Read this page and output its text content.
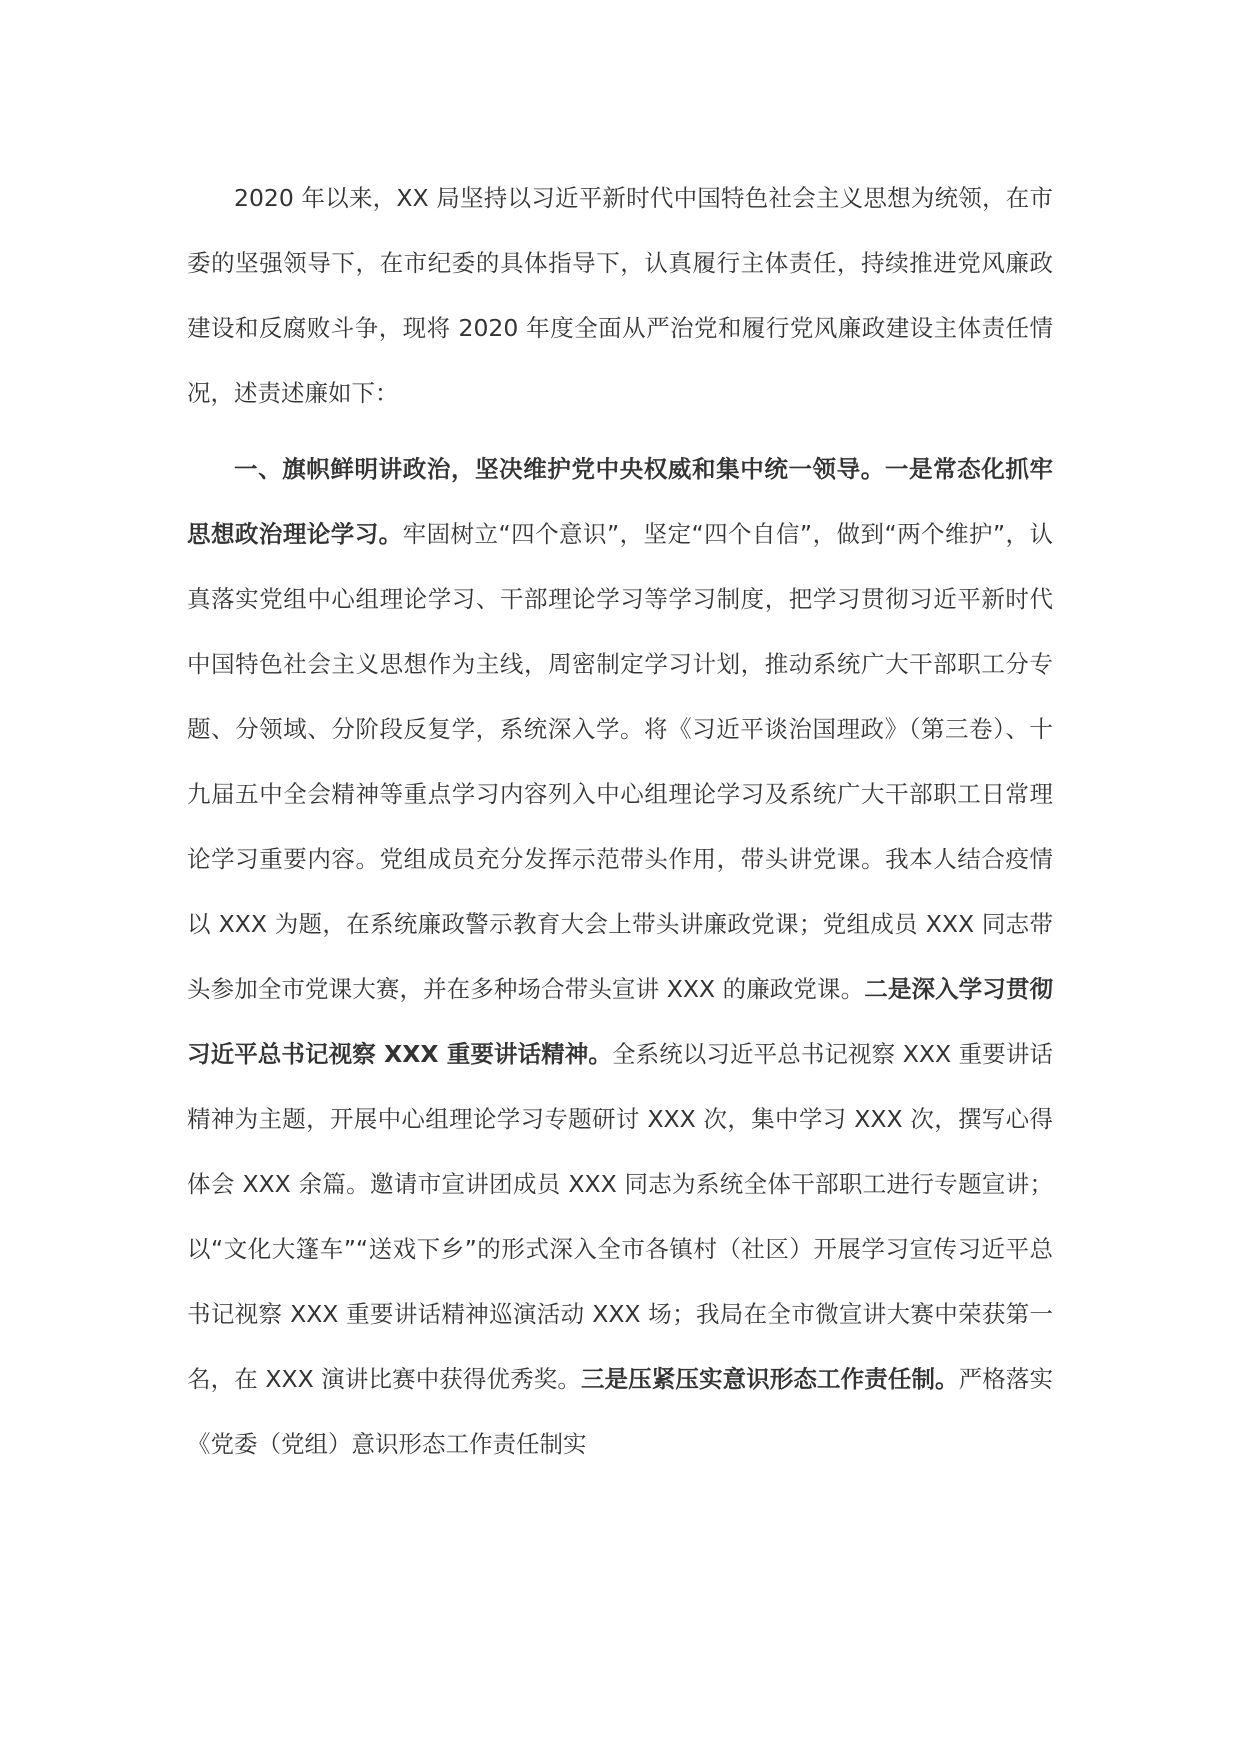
2020 年以来，XX 局坚持以习近平新时代中国特色社会主义思想为统领，在市委的坚强领导下，在市纪委的具体指导下，认真履行主体责任，持续推进党风廉政建设和反腐败斗争，现将 2020 年度全面从严治党和履行党风廉政建设主体责任情况，述责述廉如下：

一、旗帜鲜明讲政治，坚决维护党中央权威和集中统一领导。一是常态化抓牢思想政治理论学习。牢固树立“四个意识”，坚定“四个自信”，做到“两个维护”，认真落实党组中心组理论学习、干部理论学习等学习制度，把学习贯彻习近平新时代中国特色社会主义思想作为主线，周密制定学习计划，推动系统广大干部职工分专题、分领域、分阶段反复学，系统深入学。将《习近平谈治国理政》（第三卷）、十九届五中全会精神等重点学习内容列入中心组理论学习及系统广大干部职工日常理论学习重要内容。党组成员充分发挥示范带头作用，带头讲党课。我本人结合疫情以 XXX 为题，在系统廉政警示教育大会上带头讲廉政党课；党组成员 XXX 同志带头参加全市党课大赛，并在多种场合带头宣讲 XXX 的廉政党课。二是深入学习贯彻习近平总书记视察 XXX 重要讲话精神。全系统以习近平总书记视察 XXX 重要讲话精神为主题，开展中心组理论学习专题研讨 XXX 次，集中学习 XXX 次，撰写心得体会 XXX 余篇。邀请市宣讲团成员 XXX 同志为系统全体干部职工进行专题宣讲；以“文化大篷车”“送戏下乡”的形式深入全市各镇村（社区）开展学习宣传习近平总书记视察 XXX 重要讲话精神巡演活动 XXX 场；我局在全市微宣讲大赛中荣获第一名，在 XXX 演讲比赛中获得优秀奖。三是压紧压实意识形态工作责任制。严格落实《党委（党组）意识形态工作责任制实
